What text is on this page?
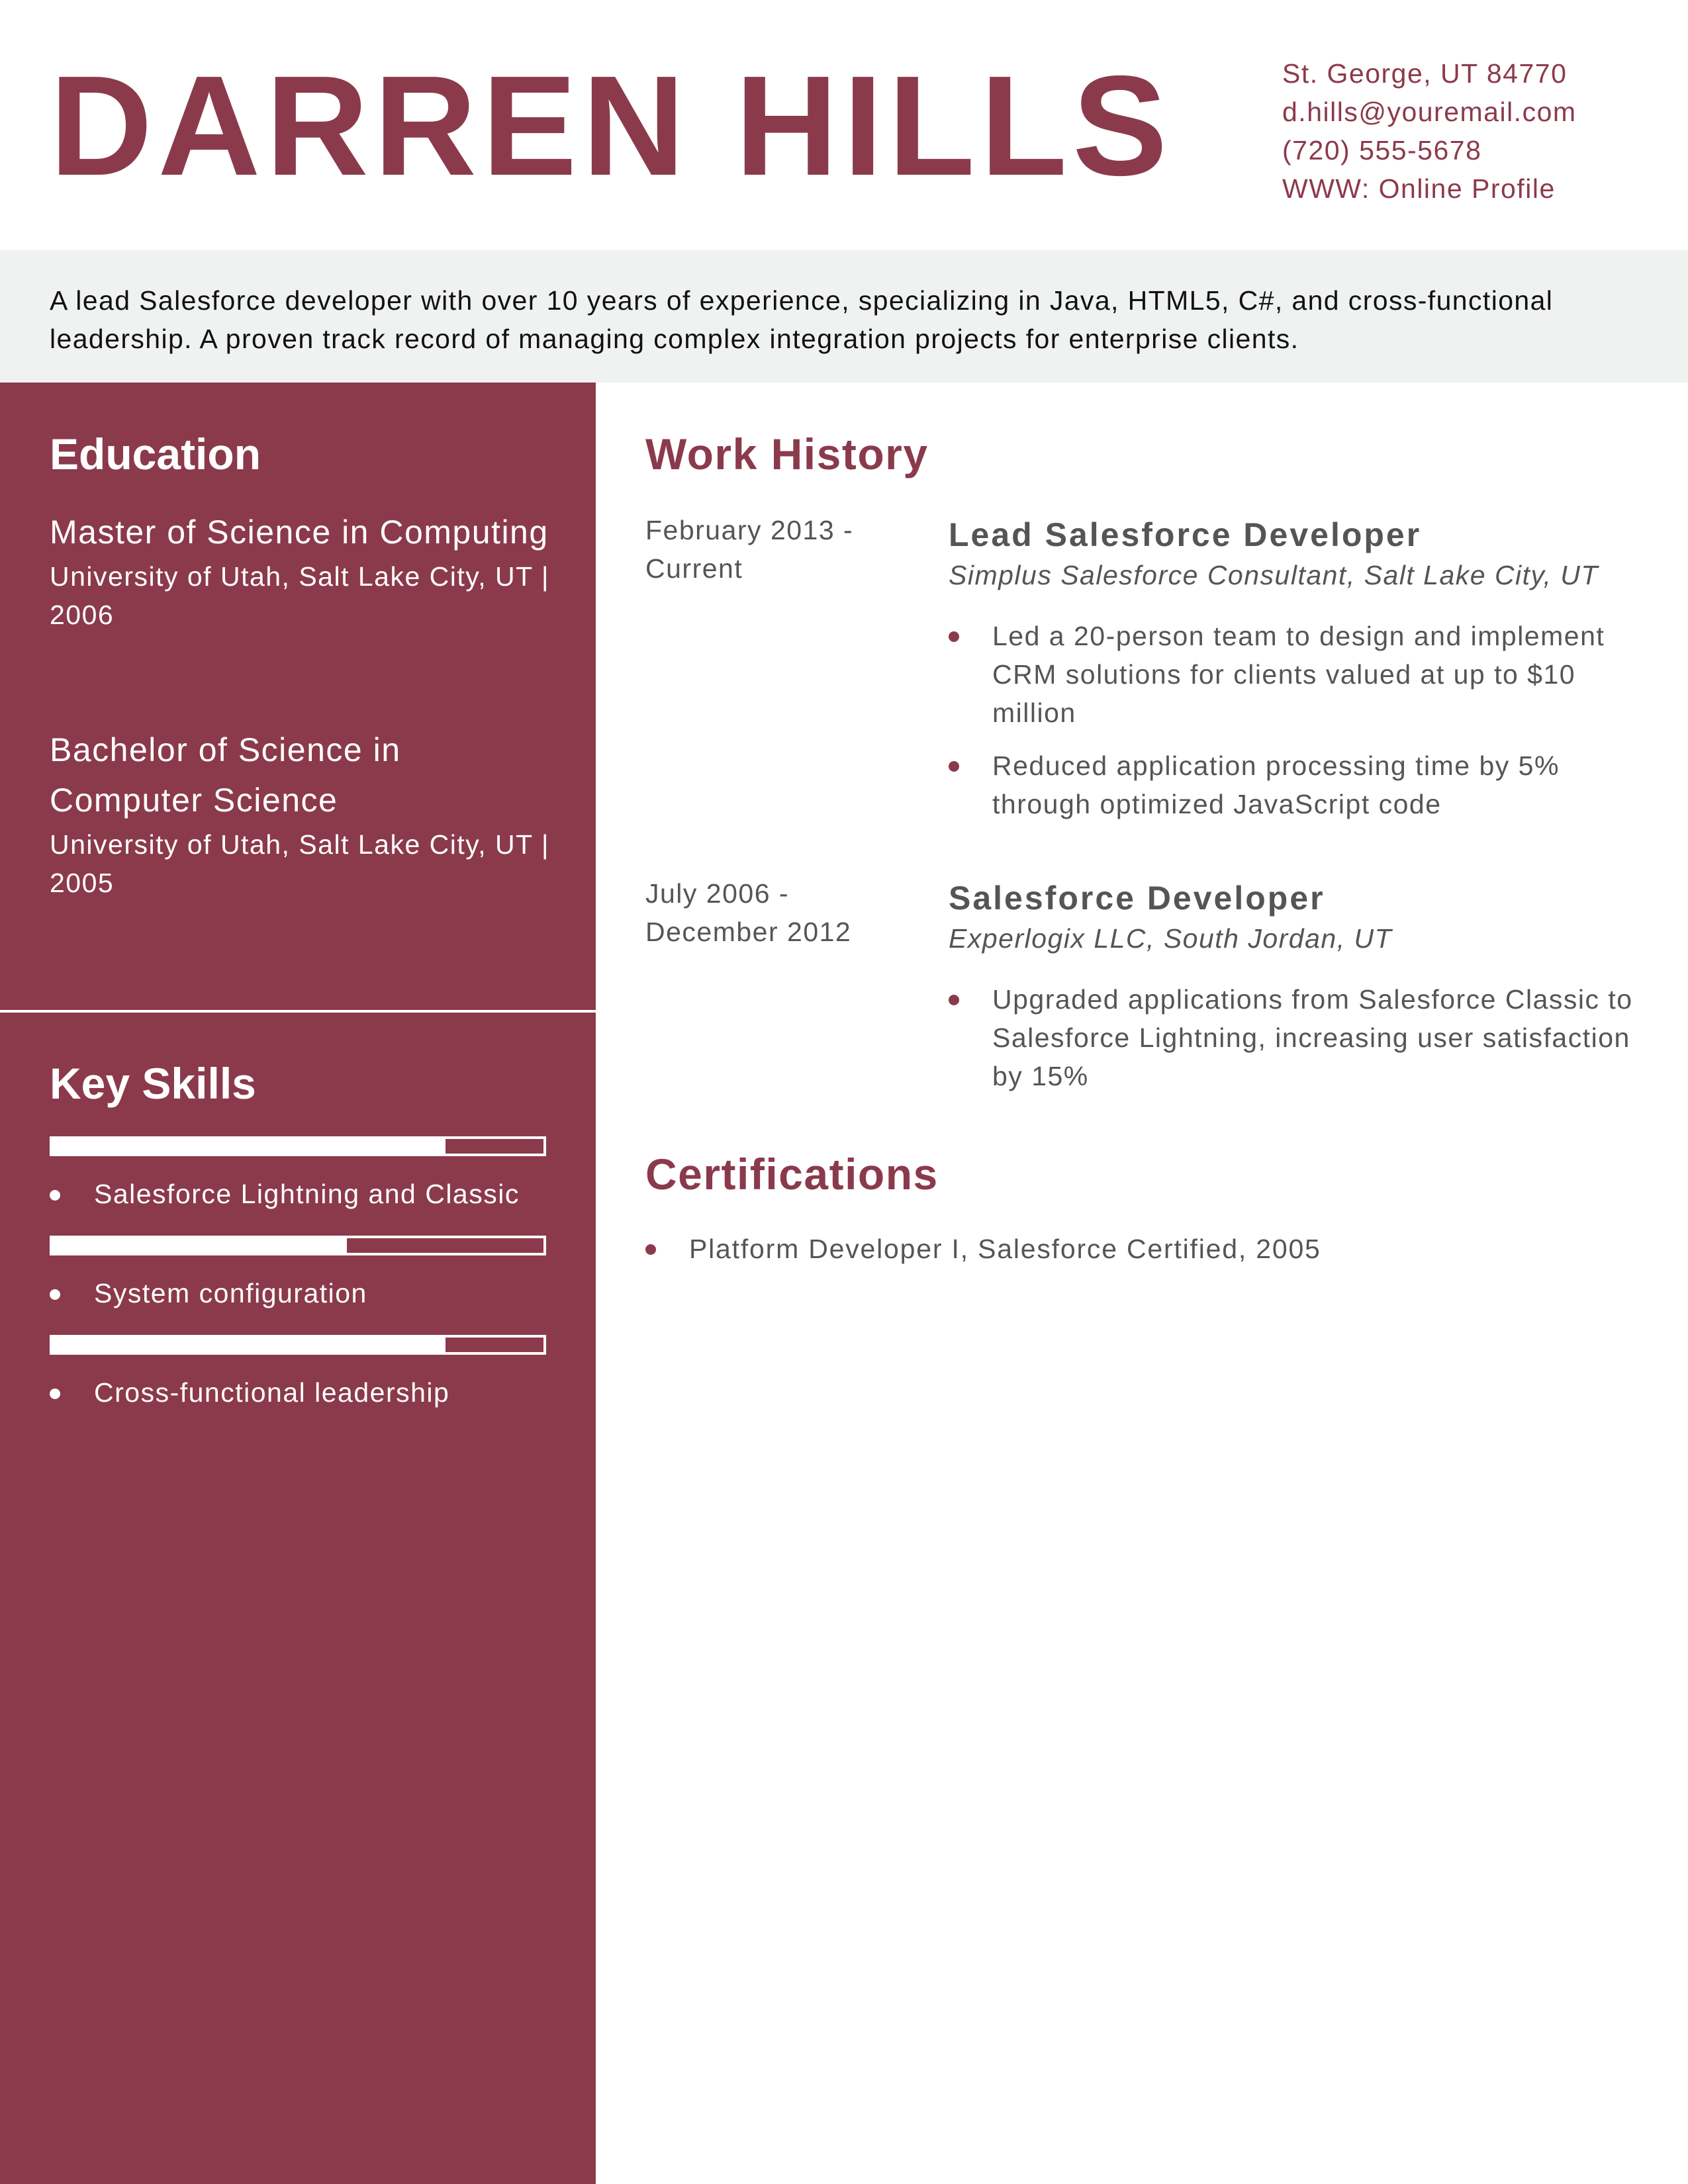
DARREN HILLS	St. George, UT 84770
d.hills@youremail.com
(720) 555-5678
WWW: Online Profile

A lead Salesforce developer with over 10 years of experience, specializing in Java, HTML5, C#, and cross-functional leadership. A proven track record of managing complex integration projects for enterprise clients.

Education
Master of Science in Computing
University of Utah, Salt Lake City, UT | 2006
Bachelor of Science in Computer Science
University of Utah, Salt Lake City, UT | 2005
Key Skills
Salesforce Lightning and Classic
System configuration
Cross-functional leadership
Work History
February 2013 - Current
Lead Salesforce Developer
Simplus Salesforce Consultant, Salt Lake City, UT
Led a 20-person team to design and implement CRM solutions for clients valued at up to $10 million
Reduced application processing time by 5% through optimized JavaScript code
July 2006 - December 2012
Salesforce Developer
Experlogix LLC, South Jordan, UT
Upgraded applications from Salesforce Classic to Salesforce Lightning, increasing user satisfaction by 15%
Certifications
Platform Developer I, Salesforce Certified, 2005
